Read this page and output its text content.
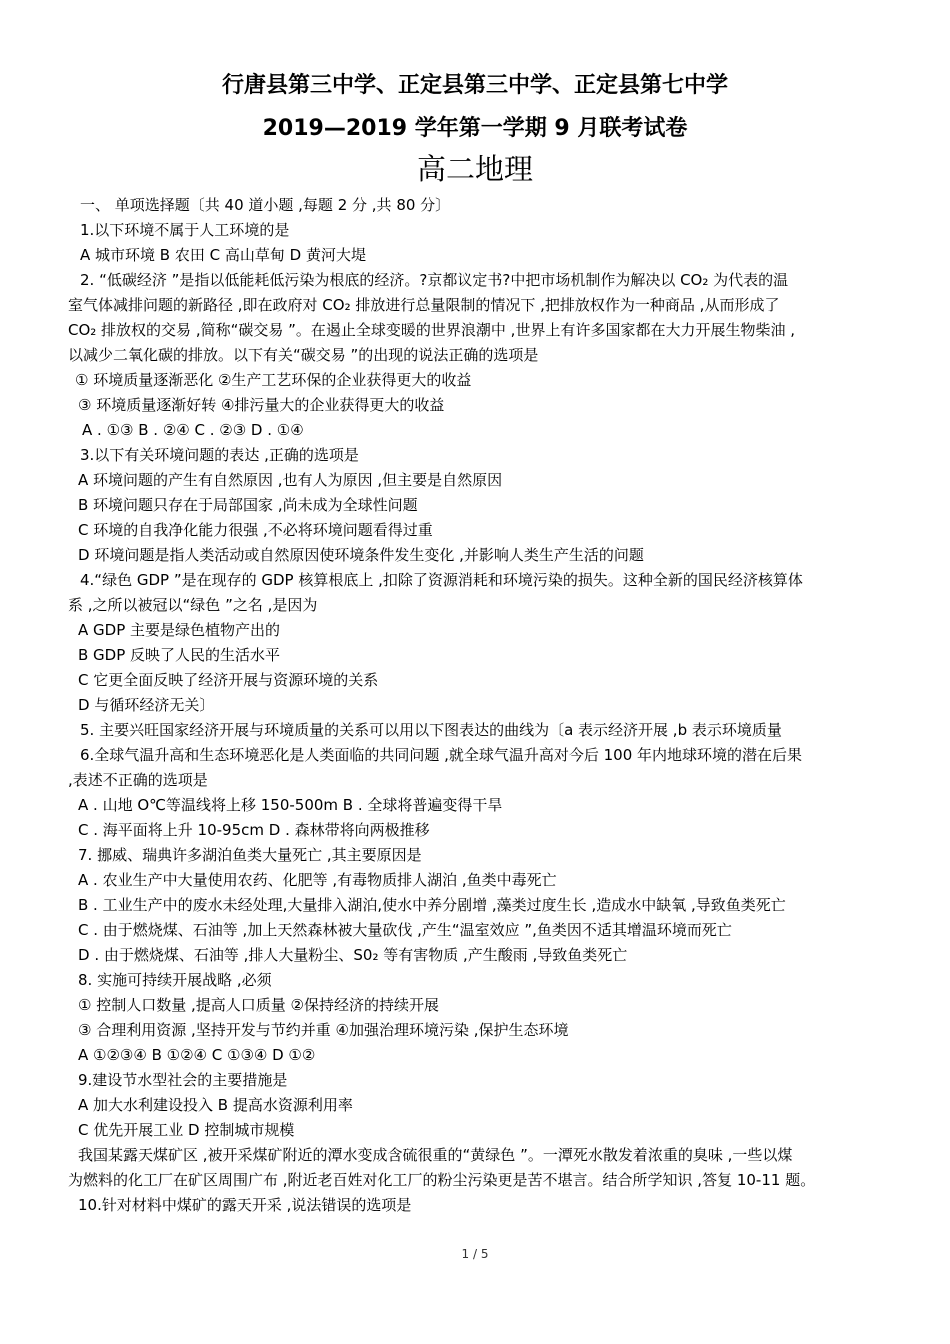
行唐县第三中学、正定县第三中学、正定县第七中学
2019—2019 学年第一学期 9 月联考试卷
高二地理
一、 单项选择题〔共 40 道小题 ,每题 2 分 ,共 80 分〕
1.以下环境不属于人工环境的是
A 城市环境 B 农田 C 高山草甸 D 黄河大堤
2. “低碳经济 ”是指以低能耗低污染为根底的经济。?京都议定书?中把市场机制作为解决以 CO₂ 为代表的温
室气体减排问题的新路径 ,即在政府对 CO₂ 排放进行总量限制的情况下 ,把排放权作为一种商品 ,从而形成了
CO₂ 排放权的交易 ,简称“碳交易 ”。在遏止全球变暖的世界浪潮中 ,世界上有许多国家都在大力开展生物柴油 ,
以减少二氧化碳的排放。以下有关“碳交易 ”的出现的说法正确的选项是
① 环境质量逐渐恶化 ②生产工艺环保的企业获得更大的收益
③ 环境质量逐渐好转 ④排污量大的企业获得更大的收益
A . ①③ B . ②④ C . ②③ D . ①④
3.以下有关环境问题的表达 ,正确的选项是
A 环境问题的产生有自然原因 ,也有人为原因 ,但主要是自然原因
B 环境问题只存在于局部国家 ,尚未成为全球性问题
C 环境的自我净化能力很强 ,不必将环境问题看得过重
D 环境问题是指人类活动或自然原因使环境条件发生变化 ,并影响人类生产生活的问题
4.“绿色 GDP ”是在现存的 GDP 核算根底上 ,扣除了资源消耗和环境污染的损失。这种全新的国民经济核算体
系 ,之所以被冠以“绿色 ”之名 ,是因为
A GDP 主要是绿色植物产出的
B GDP 反映了人民的生活水平
C 它更全面反映了经济开展与资源环境的关系
D 与循环经济无关〕
5. 主要兴旺国家经济开展与环境质量的关系可以用以下图表达的曲线为〔a 表示经济开展 ,b 表示环境质量
6.全球气温升高和生态环境恶化是人类面临的共同问题 ,就全球气温升高对今后 100 年内地球环境的潜在后果
,表述不正确的选项是
A . 山地 O℃等温线将上移 150-500m B . 全球将普遍变得干旱
C . 海平面将上升 10-95cm D . 森林带将向两极推移
7. 挪威、瑞典许多湖泊鱼类大量死亡 ,其主要原因是
A . 农业生产中大量使用农药、化肥等 ,有毒物质排人湖泊 ,鱼类中毒死亡
B . 工业生产中的废水未经处理,大量排入湖泊,使水中养分剧增 ,藻类过度生长 ,造成水中缺氧 ,导致鱼类死亡
C . 由于燃烧煤、石油等 ,加上天然森林被大量砍伐 ,产生“温室效应 ”,鱼类因不适其增温环境而死亡
D . 由于燃烧煤、石油等 ,排人大量粉尘、S0₂ 等有害物质 ,产生酸雨 ,导致鱼类死亡
8. 实施可持续开展战略 ,必须
① 控制人口数量 ,提高人口质量 ②保持经济的持续开展
③ 合理利用资源 ,坚持开发与节约并重 ④加强治理环境污染 ,保护生态环境
A ①②③④ B ①②④ C ①③④ D ①②
9.建设节水型社会的主要措施是
A 加大水利建设投入 B 提高水资源利用率
C 优先开展工业 D 控制城市规模
我国某露天煤矿区 ,被开采煤矿附近的潭水变成含硫很重的“黄绿色 ”。一潭死水散发着浓重的臭味 ,一些以煤
为燃料的化工厂在矿区周围广布 ,附近老百姓对化工厂的粉尘污染更是苦不堪言。结合所学知识 ,答复 10-11 题。
10.针对材料中煤矿的露天开采 ,说法错误的选项是
1 / 5
